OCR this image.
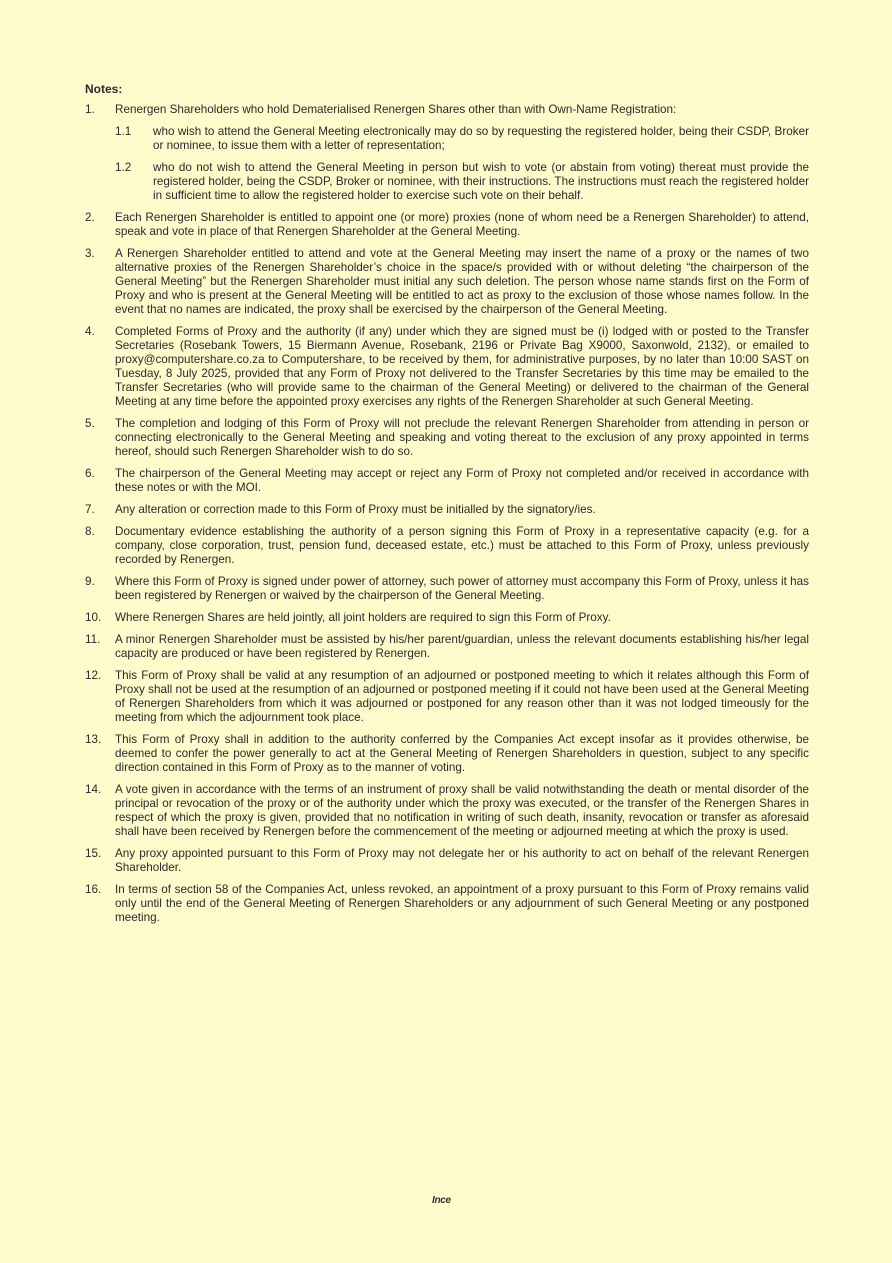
Notes:
1.	Renergen Shareholders who hold Dematerialised Renergen Shares other than with Own-Name Registration:
1.1	who wish to attend the General Meeting electronically may do so by requesting the registered holder, being their CSDP, Broker or nominee, to issue them with a letter of representation;
1.2	who do not wish to attend the General Meeting in person but wish to vote (or abstain from voting) thereat must provide the registered holder, being the CSDP, Broker or nominee, with their instructions. The instructions must reach the registered holder in sufficient time to allow the registered holder to exercise such vote on their behalf.
2.	Each Renergen Shareholder is entitled to appoint one (or more) proxies (none of whom need be a Renergen Shareholder) to attend, speak and vote in place of that Renergen Shareholder at the General Meeting.
3.	A Renergen Shareholder entitled to attend and vote at the General Meeting may insert the name of a proxy or the names of two alternative proxies of the Renergen Shareholder’s choice in the space/s provided with or without deleting “the chairperson of the General Meeting” but the Renergen Shareholder must initial any such deletion. The person whose name stands first on the Form of Proxy and who is present at the General Meeting will be entitled to act as proxy to the exclusion of those whose names follow. In the event that no names are indicated, the proxy shall be exercised by the chairperson of the General Meeting.
4.	Completed Forms of Proxy and the authority (if any) under which they are signed must be (i) lodged with or posted to the Transfer Secretaries (Rosebank Towers, 15 Biermann Avenue, Rosebank, 2196 or Private Bag X9000, Saxonwold, 2132), or emailed to proxy@computershare.co.za to Computershare, to be received by them, for administrative purposes, by no later than 10:00 SAST on Tuesday, 8 July 2025, provided that any Form of Proxy not delivered to the Transfer Secretaries by this time may be emailed to the Transfer Secretaries (who will provide same to the chairman of the General Meeting) or delivered to the chairman of the General Meeting at any time before the appointed proxy exercises any rights of the Renergen Shareholder at such General Meeting.
5.	The completion and lodging of this Form of Proxy will not preclude the relevant Renergen Shareholder from attending in person or connecting electronically to the General Meeting and speaking and voting thereat to the exclusion of any proxy appointed in terms hereof, should such Renergen Shareholder wish to do so.
6.	The chairperson of the General Meeting may accept or reject any Form of Proxy not completed and/or received in accordance with these notes or with the MOI.
7.	Any alteration or correction made to this Form of Proxy must be initialled by the signatory/ies.
8.	Documentary evidence establishing the authority of a person signing this Form of Proxy in a representative capacity (e.g. for a company, close corporation, trust, pension fund, deceased estate, etc.) must be attached to this Form of Proxy, unless previously recorded by Renergen.
9.	Where this Form of Proxy is signed under power of attorney, such power of attorney must accompany this Form of Proxy, unless it has been registered by Renergen or waived by the chairperson of the General Meeting.
10.	Where Renergen Shares are held jointly, all joint holders are required to sign this Form of Proxy.
11.	A minor Renergen Shareholder must be assisted by his/her parent/guardian, unless the relevant documents establishing his/her legal capacity are produced or have been registered by Renergen.
12.	This Form of Proxy shall be valid at any resumption of an adjourned or postponed meeting to which it relates although this Form of Proxy shall not be used at the resumption of an adjourned or postponed meeting if it could not have been used at the General Meeting of Renergen Shareholders from which it was adjourned or postponed for any reason other than it was not lodged timeously for the meeting from which the adjournment took place.
13.	This Form of Proxy shall in addition to the authority conferred by the Companies Act except insofar as it provides otherwise, be deemed to confer the power generally to act at the General Meeting of Renergen Shareholders in question, subject to any specific direction contained in this Form of Proxy as to the manner of voting.
14.	A vote given in accordance with the terms of an instrument of proxy shall be valid notwithstanding the death or mental disorder of the principal or revocation of the proxy or of the authority under which the proxy was executed, or the transfer of the Renergen Shares in respect of which the proxy is given, provided that no notification in writing of such death, insanity, revocation or transfer as aforesaid shall have been received by Renergen before the commencement of the meeting or adjourned meeting at which the proxy is used.
15.	Any proxy appointed pursuant to this Form of Proxy may not delegate her or his authority to act on behalf of the relevant Renergen Shareholder.
16.	In terms of section 58 of the Companies Act, unless revoked, an appointment of a proxy pursuant to this Form of Proxy remains valid only until the end of the General Meeting of Renergen Shareholders or any adjournment of such General Meeting or any postponed meeting.
Ince
